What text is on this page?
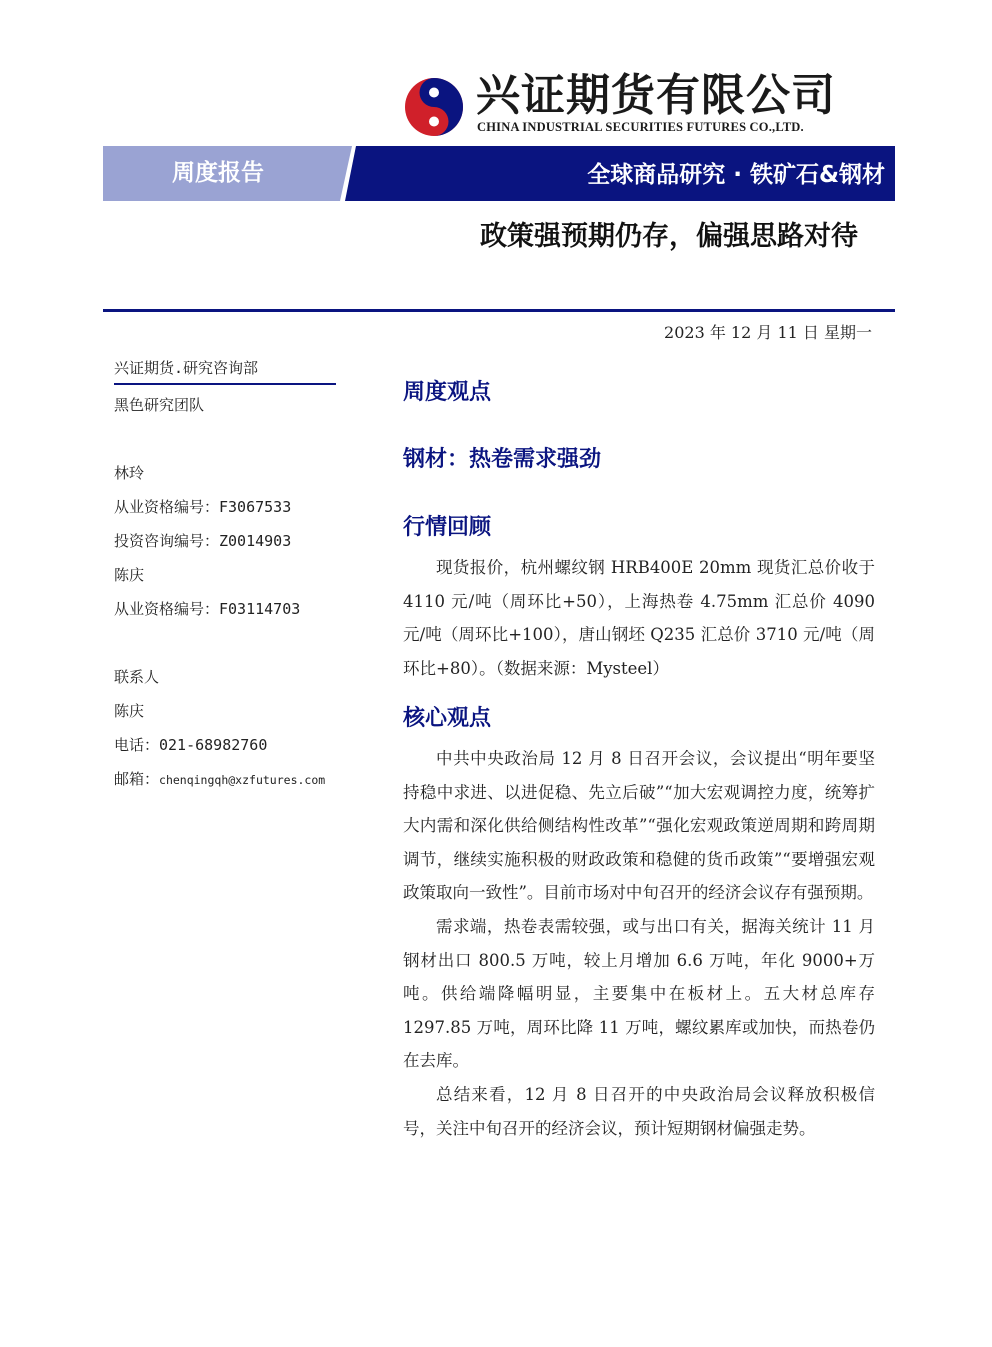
兴证期货有限公司
CHINA INDUSTRIAL SECURITIES FUTURES CO.,LTD.
周度报告	全球商品研究 · 铁矿石&钢材
政策强预期仍存，偏强思路对待
2023 年 12 月 11 日 星期一
兴证期货.研究咨询部
黑色研究团队
林玲
从业资格编号：F3067533
投资咨询编号：Z0014903
陈庆
从业资格编号：F03114703
联系人
陈庆
电话：021-68982760
邮箱：chenqingqh@xzfutures.com
周度观点
钢材：热卷需求强劲
行情回顾

现货报价，杭州螺纹钢 HRB400E 20mm 现货汇总价收于 4110 元/吨（周环比+50），上海热卷 4.75mm 汇总价 4090 元/吨（周环比+100），唐山钢坯 Q235 汇总价 3710 元/吨（周环比+80）。（数据来源：Mysteel）

核心观点

中共中央政治局 12 月 8 日召开会议，会议提出“明年要坚持稳中求进、以进促稳、先立后破”“加大宏观调控力度，统筹扩大内需和深化供给侧结构性改革”“强化宏观政策逆周期和跨周期调节，继续实施积极的财政政策和稳健的货币政策”“要增强宏观政策取向一致性”。目前市场对中旬召开的经济会议存有强预期。

需求端，热卷表需较强，或与出口有关，据海关统计 11 月钢材出口 800.5 万吨，较上月增加 6.6 万吨，年化 9000+万吨。供给端降幅明显，主要集中在板材上。五大材总库存 1297.85 万吨，周环比降 11 万吨，螺纹累库或加快，而热卷仍在去库。

总结来看，12 月 8 日召开的中央政治局会议释放积极信号，关注中旬召开的经济会议，预计短期钢材偏强走势。
